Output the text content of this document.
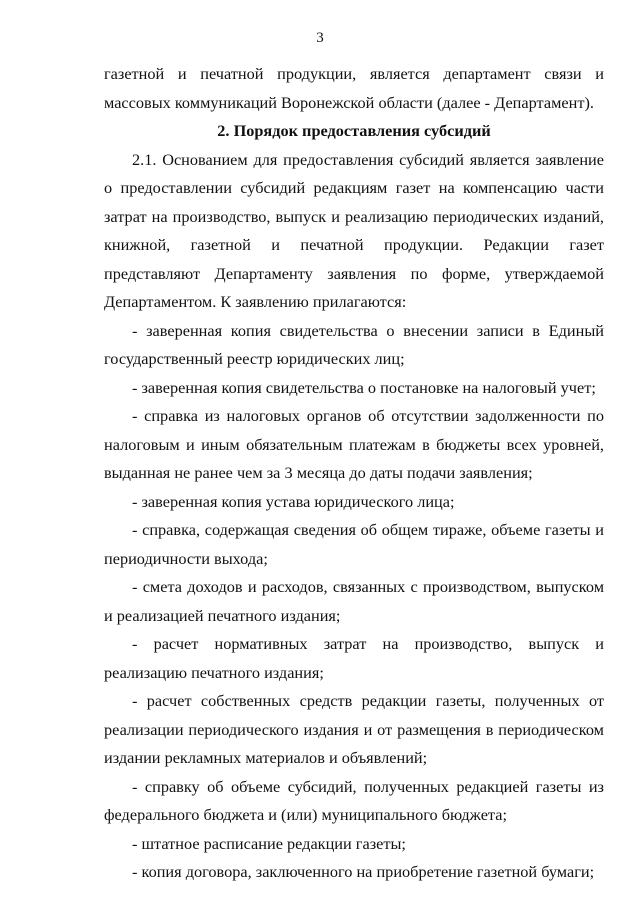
3

газетной и печатной продукции, является департамент связи и массовых коммуникаций Воронежской области (далее - Департамент).

2. Порядок предоставления субсидий

2.1. Основанием для предоставления субсидий является заявление о предоставлении субсидий редакциям газет на компенсацию части затрат на производство, выпуск и реализацию периодических изданий, книжной, газетной и печатной продукции. Редакции газет представляют Департаменту заявления по форме, утверждаемой Департаментом. К заявлению прилагаются:

- заверенная копия свидетельства о внесении записи в Единый государственный реестр юридических лиц;

- заверенная копия свидетельства о постановке на налоговый учет;

- справка из налоговых органов об отсутствии задолженности по налоговым и иным обязательным платежам в бюджеты всех уровней, выданная не ранее чем за 3 месяца до даты подачи заявления;

- заверенная копия устава юридического лица;

- справка, содержащая сведения об общем тираже, объеме газеты и периодичности выхода;

- смета доходов и расходов, связанных с производством, выпуском и реализацией печатного издания;

- расчет нормативных затрат на производство, выпуск и реализацию печатного издания;

- расчет собственных средств редакции газеты, полученных от реализации периодического издания и от размещения в периодическом издании рекламных материалов и объявлений;

- справку об объеме субсидий, полученных редакцией газеты из федерального бюджета и (или) муниципального бюджета;

- штатное расписание редакции газеты;

- копия договора, заключенного на приобретение газетной бумаги;
